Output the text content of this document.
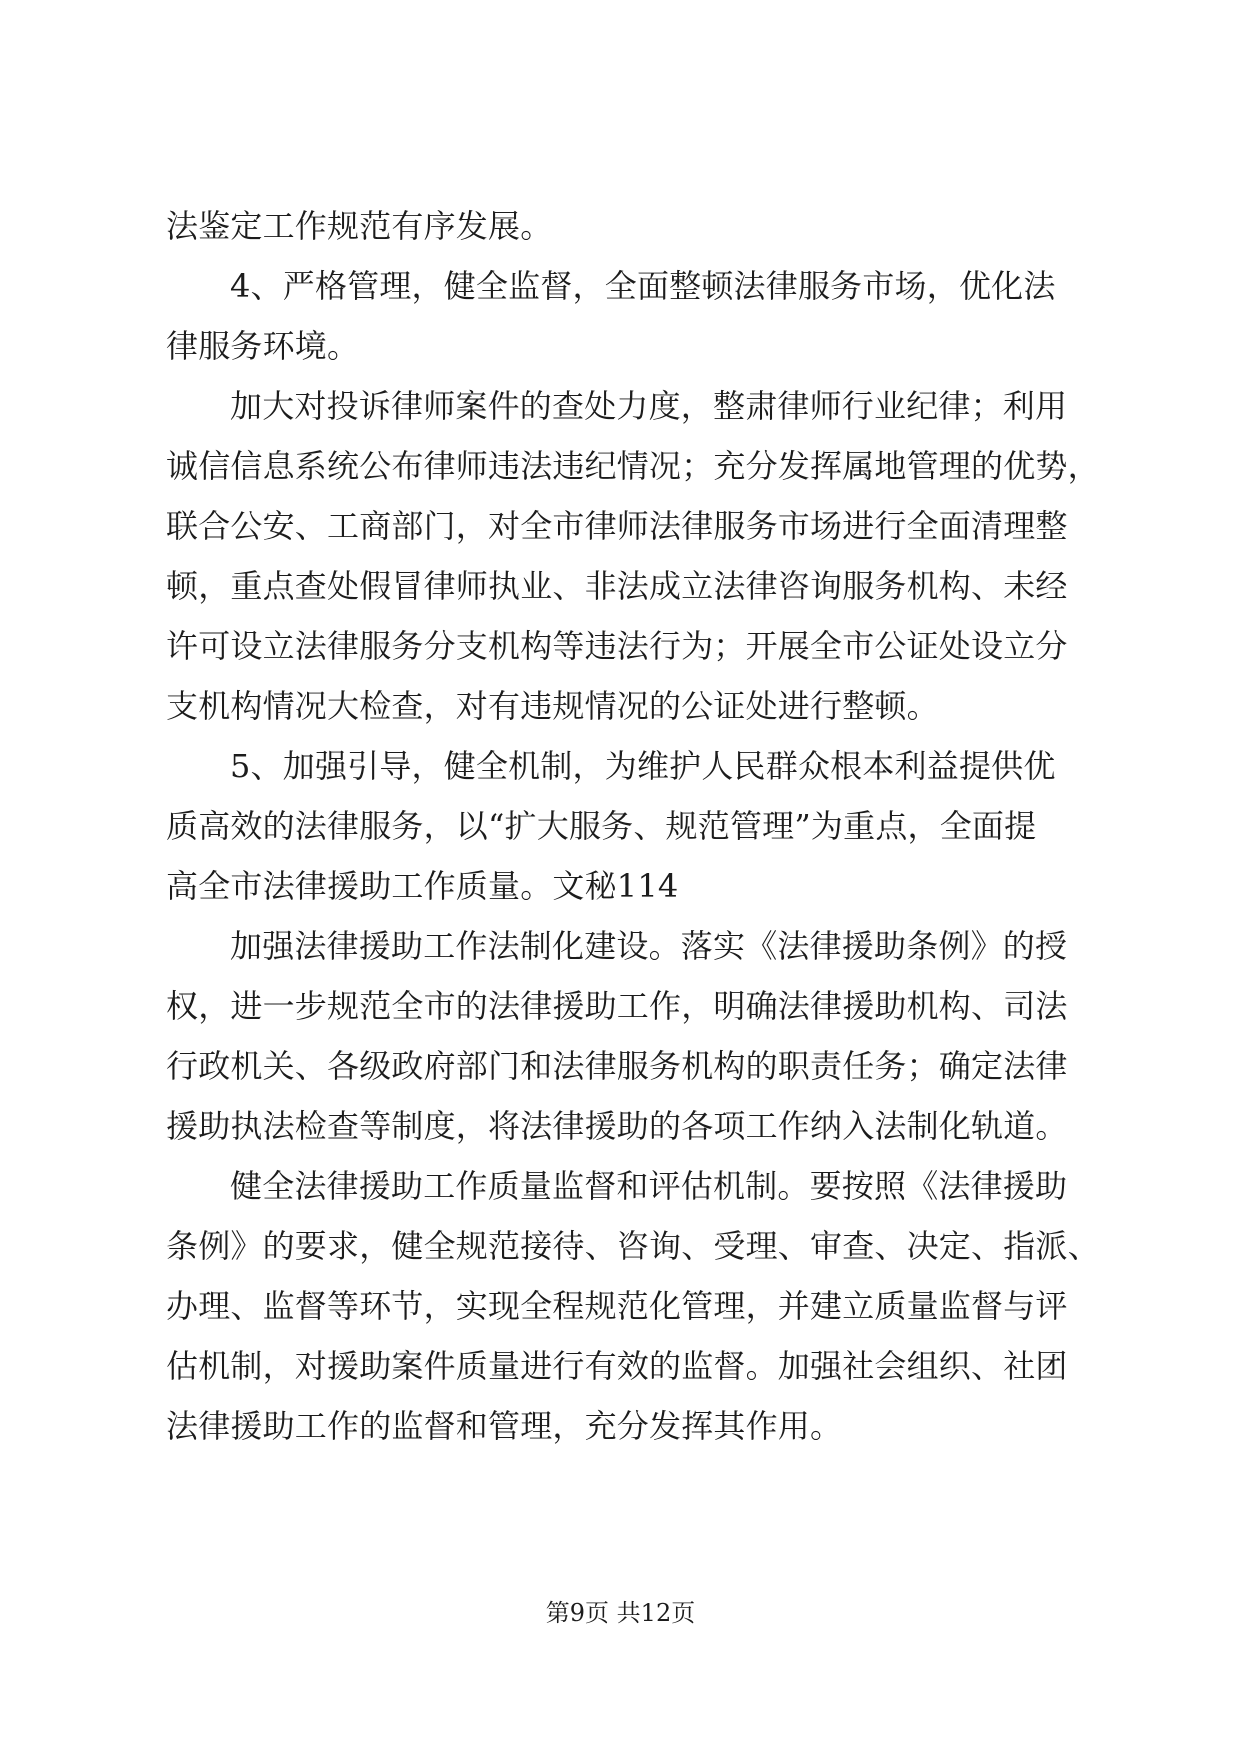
法鉴定工作规范有序发展。
4、严格管理，健全监督，全面整顿法律服务市场，优化法
律服务环境。
加大对投诉律师案件的查处力度，整肃律师行业纪律；利用
诚信信息系统公布律师违法违纪情况；充分发挥属地管理的优势，
联合公安、工商部门，对全市律师法律服务市场进行全面清理整
顿，重点查处假冒律师执业、非法成立法律咨询服务机构、未经
许可设立法律服务分支机构等违法行为；开展全市公证处设立分
支机构情况大检查，对有违规情况的公证处进行整顿。
5、加强引导，健全机制，为维护人民群众根本利益提供优
质高效的法律服务，以“扩大服务、规范管理”为重点，全面提
高全市法律援助工作质量。文秘114
加强法律援助工作法制化建设。落实《法律援助条例》的授
权，进一步规范全市的法律援助工作，明确法律援助机构、司法
行政机关、各级政府部门和法律服务机构的职责任务；确定法律
援助执法检查等制度，将法律援助的各项工作纳入法制化轨道。
健全法律援助工作质量监督和评估机制。要按照《法律援助
条例》的要求，健全规范接待、咨询、受理、审查、决定、指派、
办理、监督等环节，实现全程规范化管理，并建立质量监督与评
估机制，对援助案件质量进行有效的监督。加强社会组织、社团
法律援助工作的监督和管理，充分发挥其作用。
第9页 共12页
